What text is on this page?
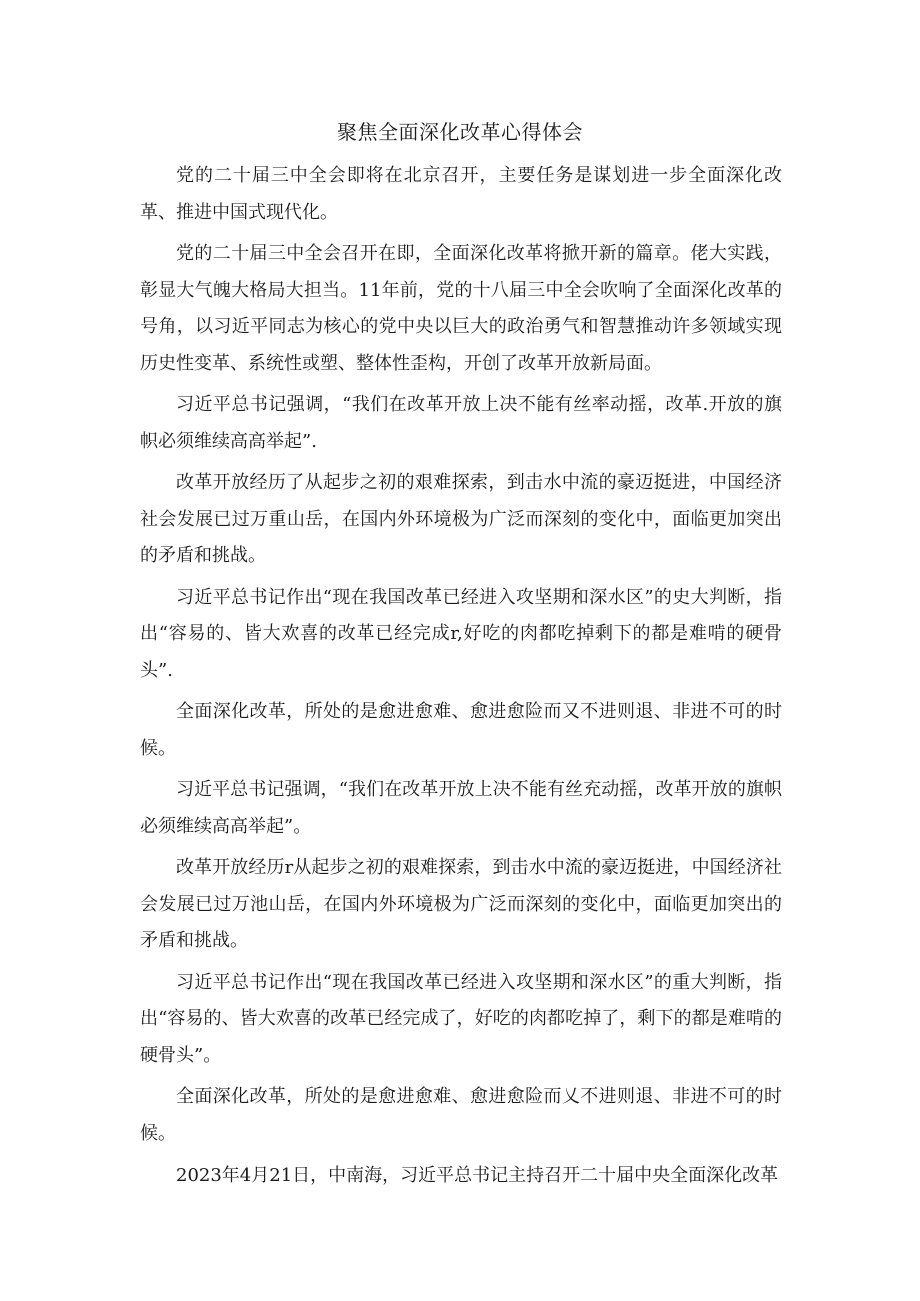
聚焦全面深化改革心得体会

党的二十届三中全会即将在北京召开，主要任务是谋划进一步全面深化改革、推进中国式现代化。

党的二十届三中全会召开在即，全面深化改革将掀开新的篇章。佬大实践，彰显大气魄大格局大担当。11年前，党的十八届三中全会吹响了全面深化改革的号角，以习近平同志为核心的党中央以巨大的政治勇气和智慧推动许多领域实现历史性变革、系统性或塑、整体性歪构，开创了改革开放新局面。

习近平总书记强调，“我们在改革开放上决不能有丝率动摇，改革.开放的旗帜必须维续高高举起”.

改革开放经历了从起步之初的艰难探索，到击水中流的豪迈挺进，中国经济社会发展已过万重山岳，在国内外环境极为广泛而深刻的变化中，面临更加突出的矛盾和挑战。

习近平总书记作出“现在我国改革已经进入攻坚期和深水区”的史大判断，指出“容易的、皆大欢喜的改革已经完成r,好吃的肉都吃掉剩下的都是难啃的硬骨头”.

全面深化改革，所处的是愈进愈难、愈进愈险而又不进则退、非进不可的时候。

习近平总书记强调，“我们在改革开放上决不能有丝充动摇，改革开放的旗帜必须维续高高举起”。

改革开放经历r从起步之初的艰难探索，到击水中流的豪迈挺进，中国经济社会发展已过万池山岳，在国内外环境极为广泛而深刻的变化中，面临更加突出的矛盾和挑战。

习近平总书记作出“现在我国改革已经进入攻坚期和深水区”的重大判断，指出“容易的、皆大欢喜的改革已经完成了，好吃的肉都吃掉了，剩下的都是难啃的硬骨头”。

全面深化改革，所处的是愈进愈难、愈进愈险而乂不进则退、非进不可的时候。

2023年4月21日，中南海，习近平总书记主持召开二十届中央全面深化改革
